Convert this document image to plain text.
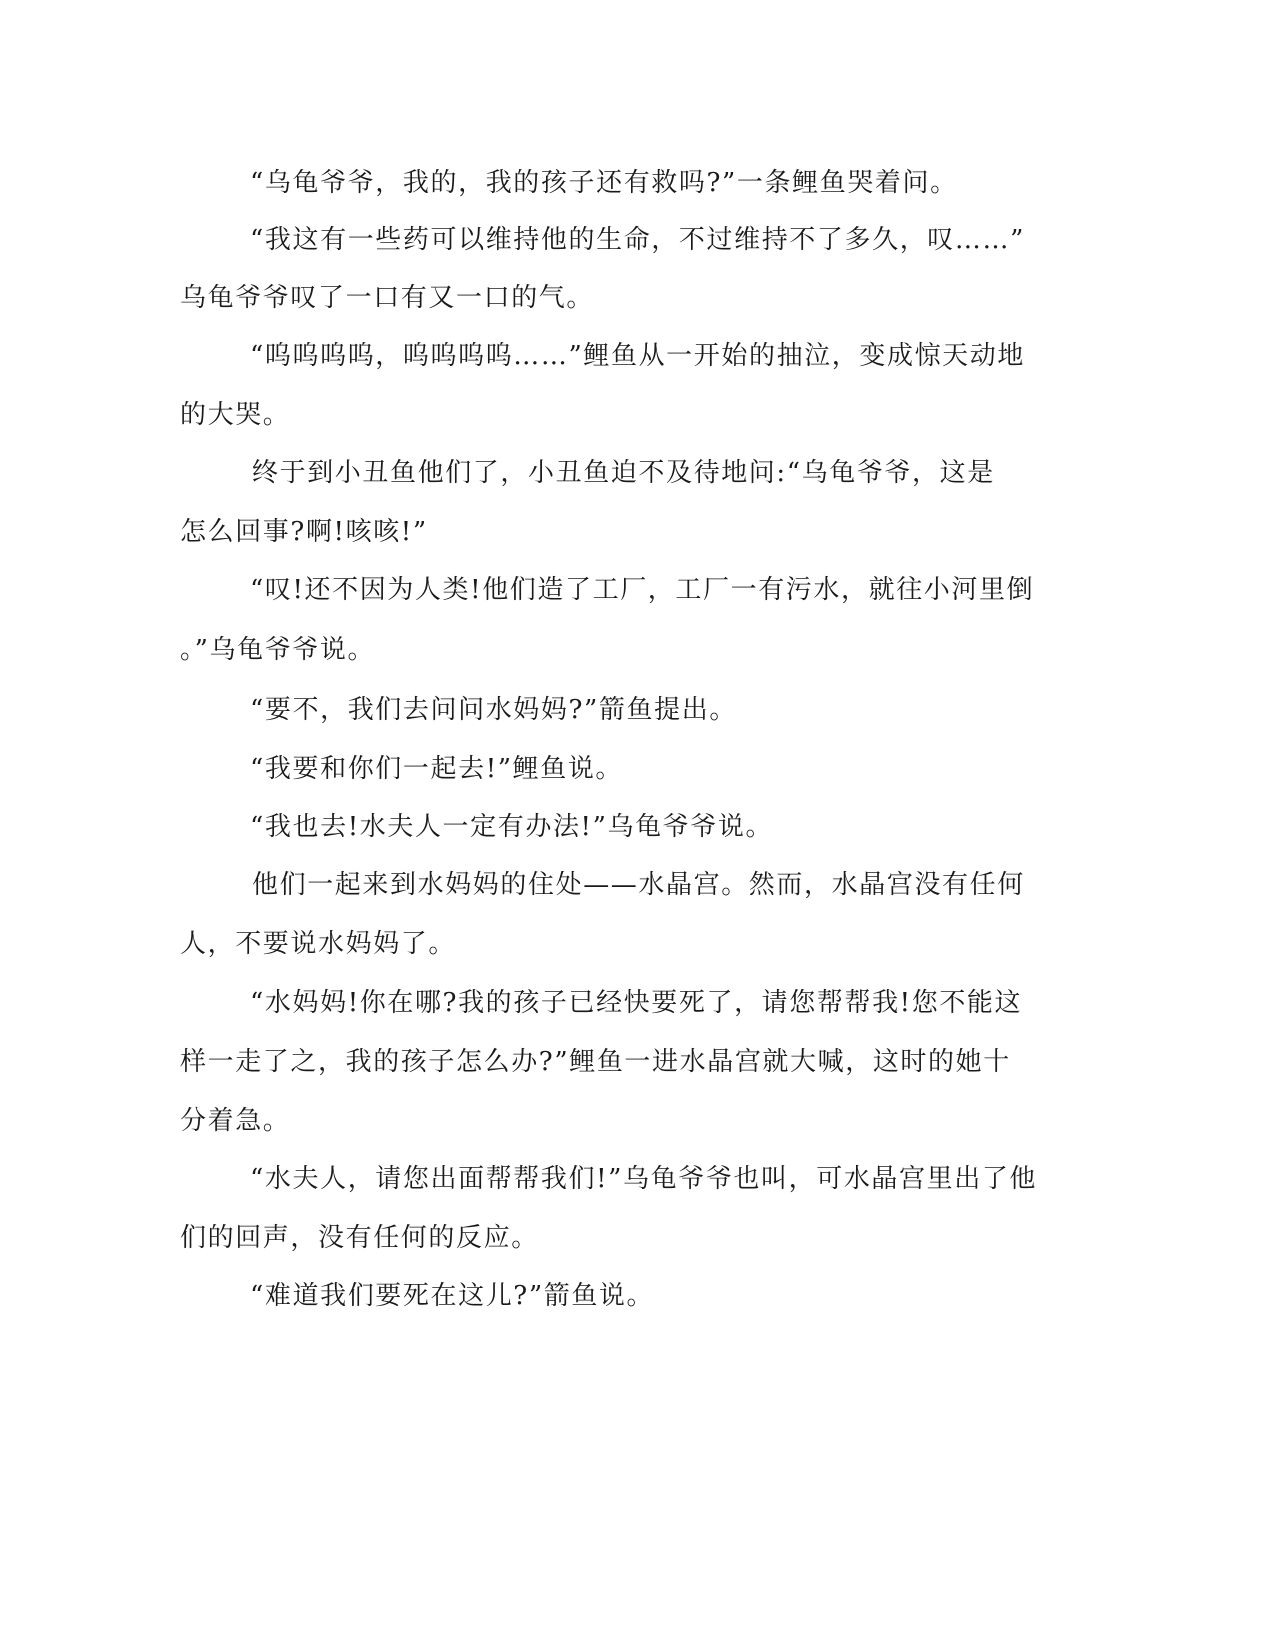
“乌龟爷爷，我的，我的孩子还有救吗?”一条鲤鱼哭着问。

“我这有一些药可以维持他的生命，不过维持不了多久，叹……”

乌龟爷爷叹了一口有又一口的气。

“呜呜呜呜，呜呜呜呜……”鲤鱼从一开始的抽泣，变成惊天动地

的大哭。

终于到小丑鱼他们了，小丑鱼迫不及待地问:“乌龟爷爷，这是

怎么回事?啊!咳咳!”

“叹!还不因为人类!他们造了工厂，工厂一有污水，就往小河里倒

。”乌龟爷爷说。

“要不，我们去问问水妈妈?”箭鱼提出。

“我要和你们一起去!”鲤鱼说。

“我也去!水夫人一定有办法!”乌龟爷爷说。

他们一起来到水妈妈的住处——水晶宫。然而，水晶宫没有任何

人，不要说水妈妈了。

“水妈妈!你在哪?我的孩子已经快要死了，请您帮帮我!您不能这

样一走了之，我的孩子怎么办?”鲤鱼一进水晶宫就大喊，这时的她十

分着急。

“水夫人，请您出面帮帮我们!”乌龟爷爷也叫，可水晶宫里出了他

们的回声，没有任何的反应。

“难道我们要死在这儿?”箭鱼说。
